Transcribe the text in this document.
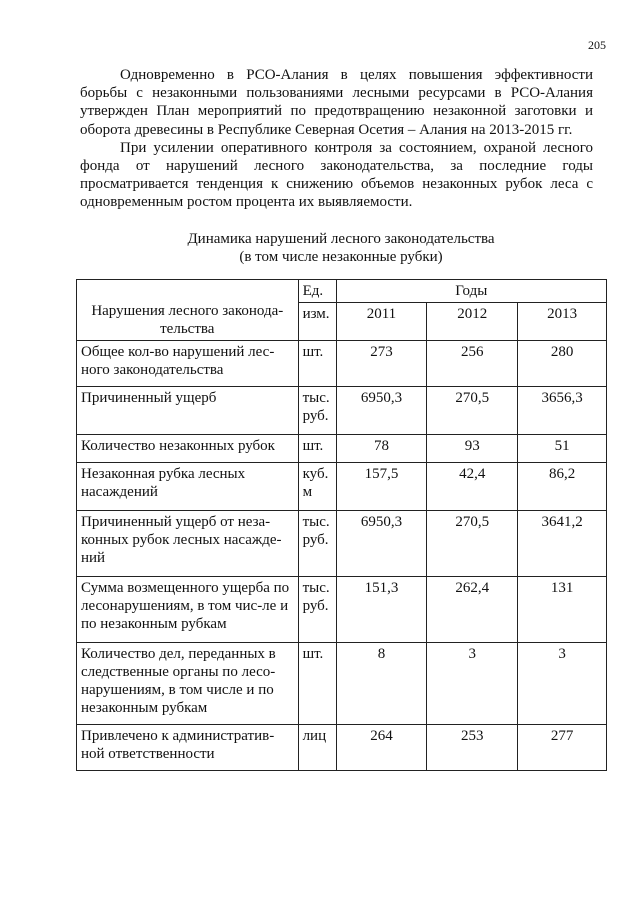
205

Одновременно в РСО-Алания в целях повышения эффективности борьбы с незаконными пользованиями лесными ресурсами в РСО-Алания утвержден План мероприятий по предотвращению незаконной заготовки и оборота древесины в Республике Северная Осетия – Алания на 2013-2015 гг.

При усилении оперативного контроля за состоянием, охраной лесного фонда от нарушений лесного законодательства, за последние годы просматривается тенденция к снижению объемов незаконных рубок леса с одновременным ростом процента их выявляемости.

Динамика нарушений лесного законодательства
(в том числе незаконные рубки)
Нарушения лесного законода-тельства	Ед.	Годы		
	изм.	2011	2012	2013
Общее кол-во нарушений лес-ного законодательства	шт.	273	256	280
Причиненный ущерб	тыс. руб.	6950,3	270,5	3656,3
Количество незаконных рубок	шт.	78	93	51
Незаконная рубка лесных насаждений	куб. м	157,5	42,4	86,2
Причиненный ущерб от неза-конных рубок лесных насажде-ний	тыс. руб.	6950,3	270,5	3641,2
Сумма возмещенного ущерба по лесонарушениям, в том чис-ле и по незаконным рубкам	тыс. руб.	151,3	262,4	131
Количество дел, переданных в следственные органы по лесо-нарушениям, в том числе и по незаконным рубкам	шт.	8	3	3
Привлечено к административ-ной ответственности	лиц	264	253	277
